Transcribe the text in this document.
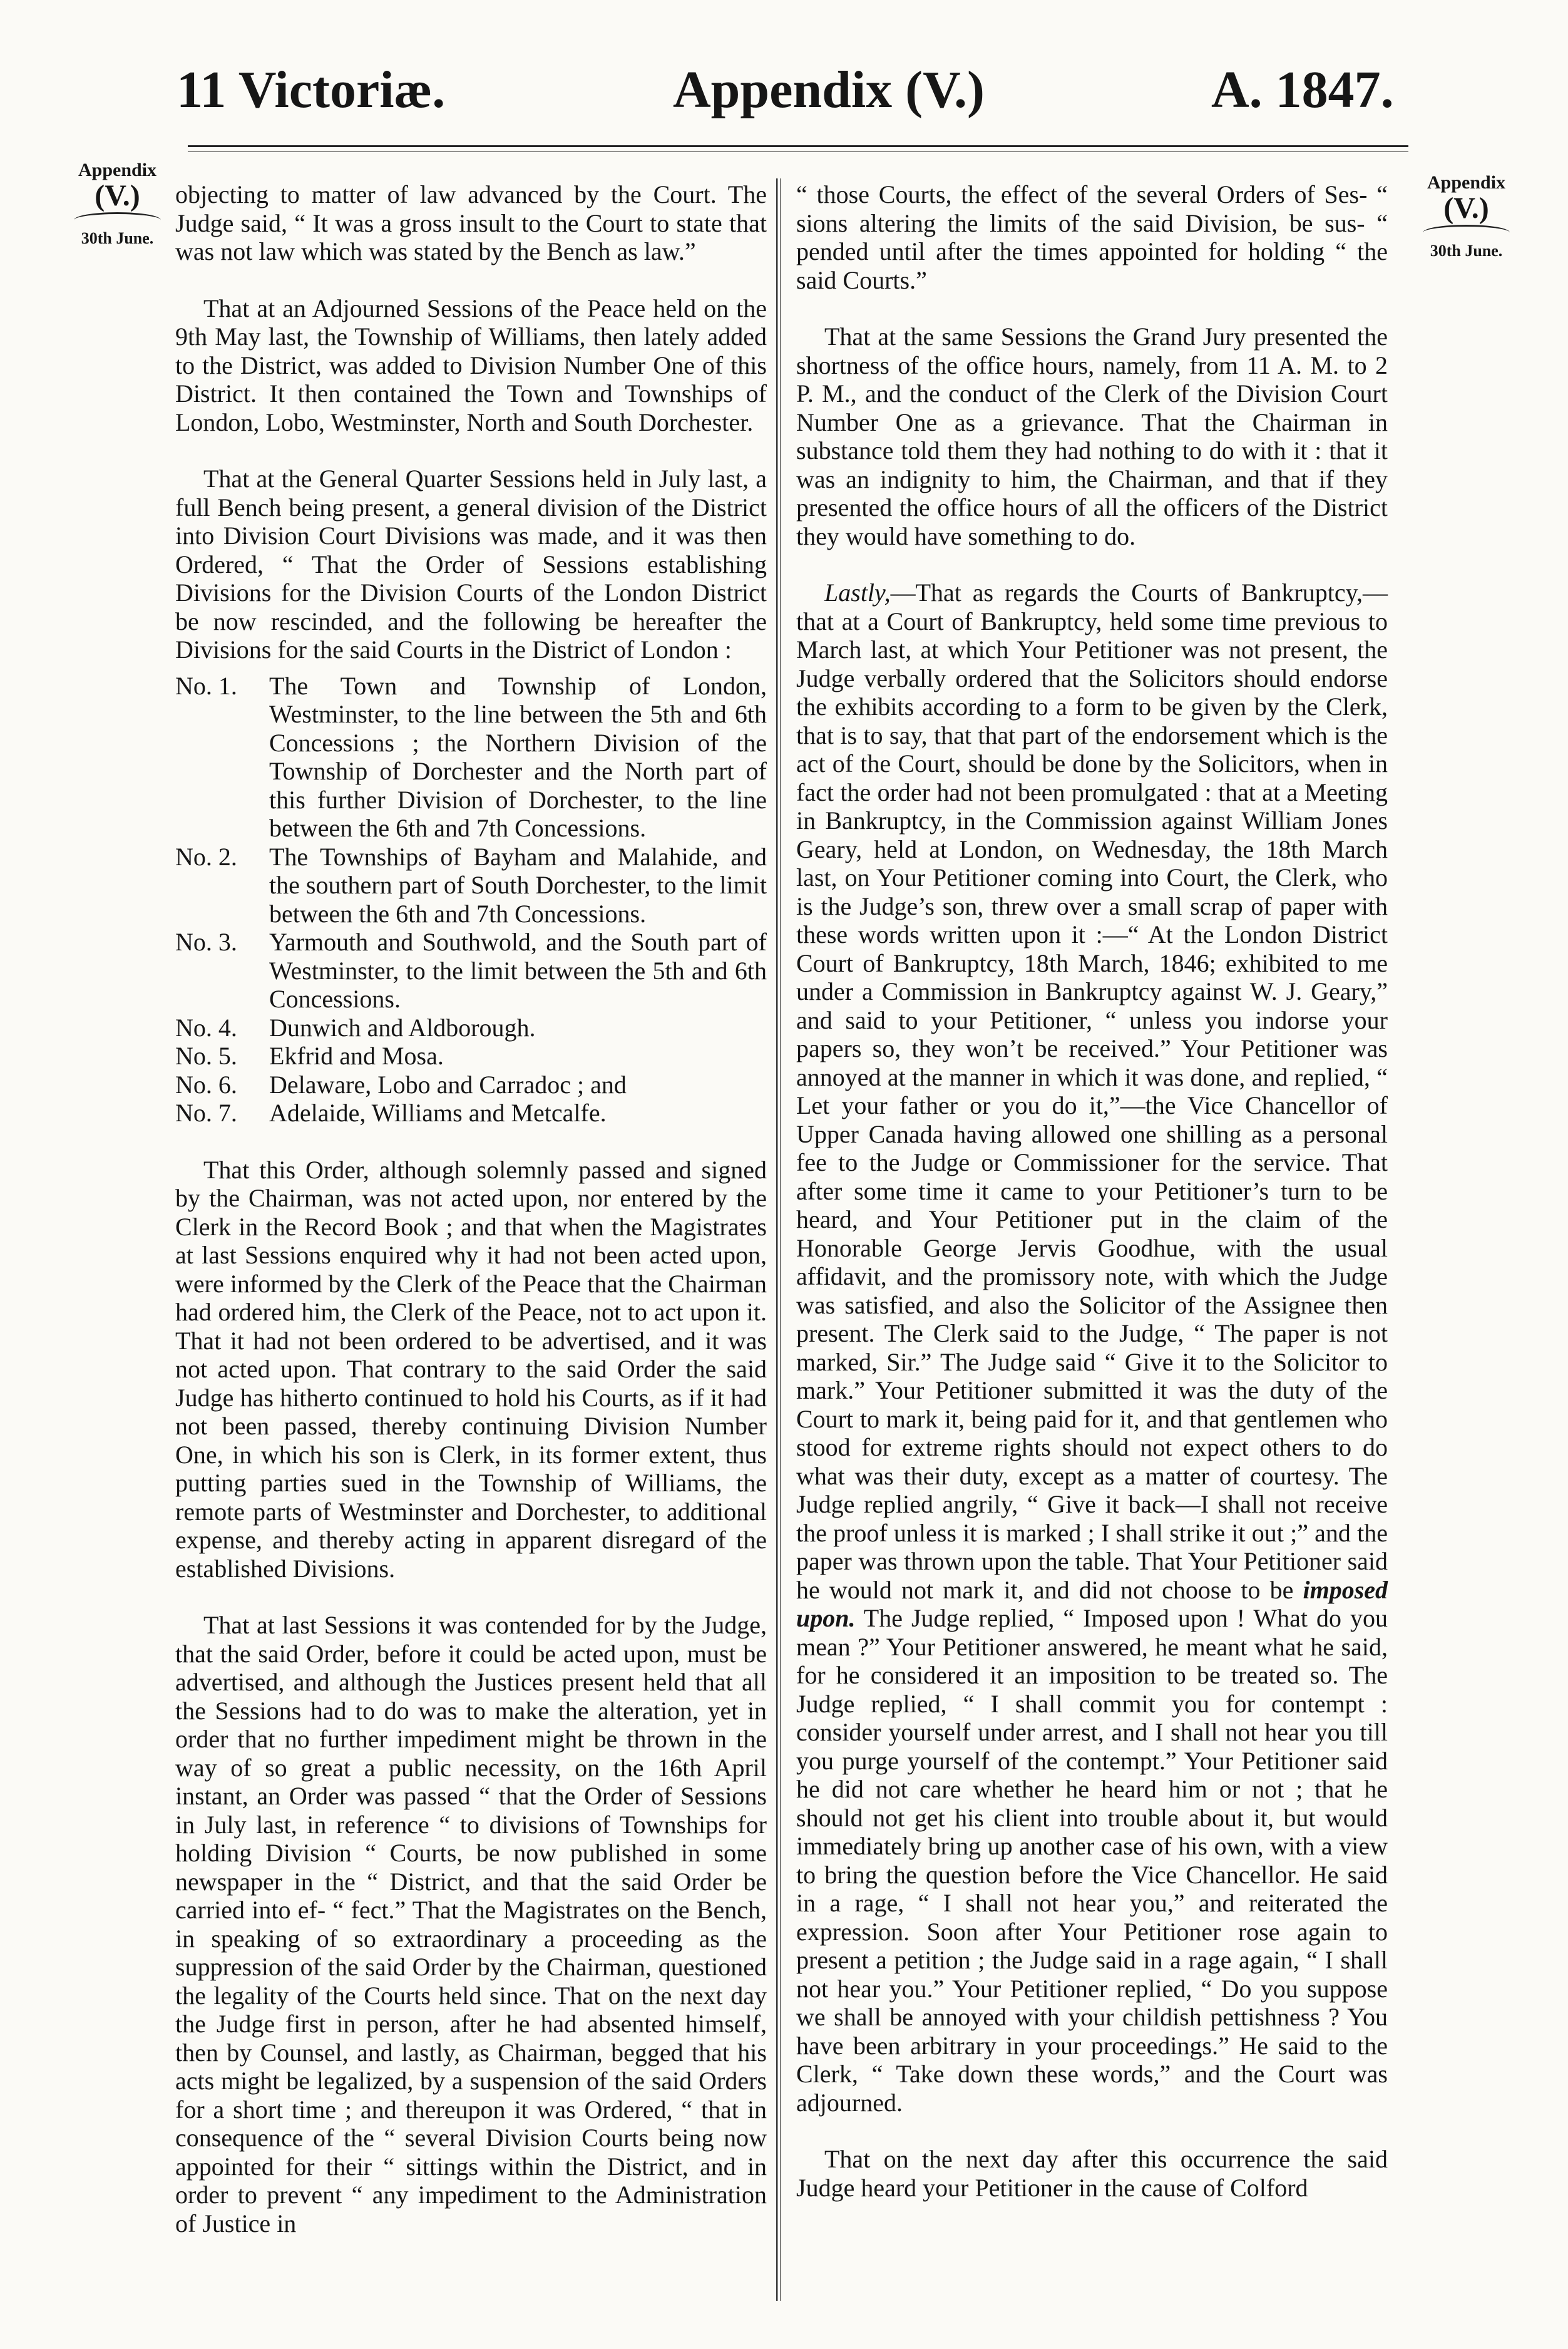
11 Victoriæ.	Appendix (V.)	A. 1847.
Appendix
(V.)
30th June.
Appendix
(V.)
30th June.

objecting to matter of law advanced by the Court. The Judge said, “ It was a gross insult to the Court to state that was not law which was stated by the Bench as law.”

That at an Adjourned Sessions of the Peace held on the 9th May last, the Township of Williams, then lately added to the District, was added to Division Number One of this District. It then contained the Town and Townships of London, Lobo, Westminster, North and South Dorchester.

That at the General Quarter Sessions held in July last, a full Bench being present, a general division of the District into Division Court Divisions was made, and it was then Ordered, “ That the Order of Sessions establishing Divisions for the Division Courts of the London District be now rescinded, and the following be hereafter the Divisions for the said Courts in the District of London :

No. 1.	The Town and Township of London, Westminster, to the line between the 5th and 6th Concessions ; the Northern Division of the Township of Dorchester and the North part of this further Division of Dorchester, to the line between the 6th and 7th Concessions.
No. 2.	The Townships of Bayham and Malahide, and the southern part of South Dorchester, to the limit between the 6th and 7th Concessions.
No. 3.	Yarmouth and Southwold, and the South part of Westminster, to the limit between the 5th and 6th Concessions.
No. 4.	Dunwich and Aldborough.
No. 5.	Ekfrid and Mosa.
No. 6.	Delaware, Lobo and Carradoc ; and
No. 7.	Adelaide, Williams and Metcalfe.

That this Order, although solemnly passed and signed by the Chairman, was not acted upon, nor entered by the Clerk in the Record Book ; and that when the Magistrates at last Sessions enquired why it had not been acted upon, were informed by the Clerk of the Peace that the Chairman had ordered him, the Clerk of the Peace, not to act upon it. That it had not been ordered to be advertised, and it was not acted upon. That contrary to the said Order the said Judge has hitherto continued to hold his Courts, as if it had not been passed, thereby continuing Division Number One, in which his son is Clerk, in its former extent, thus putting parties sued in the Township of Williams, the remote parts of Westminster and Dorchester, to additional expense, and thereby acting in apparent disregard of the established Divisions.

That at last Sessions it was contended for by the Judge, that the said Order, before it could be acted upon, must be advertised, and although the Justices present held that all the Sessions had to do was to make the alteration, yet in order that no further impediment might be thrown in the way of so great a public necessity, on the 16th April instant, an Order was passed “ that the Order of Sessions in July last, in reference “ to divisions of Townships for holding Division “ Courts, be now published in some newspaper in the “ District, and that the said Order be carried into ef- “ fect.” That the Magistrates on the Bench, in speaking of so extraordinary a proceeding as the suppression of the said Order by the Chairman, questioned the legality of the Courts held since. That on the next day the Judge first in person, after he had absented himself, then by Counsel, and lastly, as Chairman, begged that his acts might be legalized, by a suspension of the said Orders for a short time ; and thereupon it was Ordered, “ that in consequence of the “ several Division Courts being now appointed for their “ sittings within the District, and in order to prevent “ any impediment to the Administration of Justice in

“ those Courts, the effect of the several Orders of Ses- “ sions altering the limits of the said Division, be sus- “ pended until after the times appointed for holding “ the said Courts.”

That at the same Sessions the Grand Jury presented the shortness of the office hours, namely, from 11 A. M. to 2 P. M., and the conduct of the Clerk of the Division Court Number One as a grievance. That the Chairman in substance told them they had nothing to do with it : that it was an indignity to him, the Chairman, and that if they presented the office hours of all the officers of the District they would have something to do.

Lastly,—That as regards the Courts of Bankruptcy,—that at a Court of Bankruptcy, held some time previous to March last, at which Your Petitioner was not present, the Judge verbally ordered that the Solicitors should endorse the exhibits according to a form to be given by the Clerk, that is to say, that that part of the endorsement which is the act of the Court, should be done by the Solicitors, when in fact the order had not been promulgated : that at a Meeting in Bankruptcy, in the Commission against William Jones Geary, held at London, on Wednesday, the 18th March last, on Your Petitioner coming into Court, the Clerk, who is the Judge’s son, threw over a small scrap of paper with these words written upon it :—“ At the London District Court of Bankruptcy, 18th March, 1846; exhibited to me under a Commission in Bankruptcy against W. J. Geary,” and said to your Petitioner, “ unless you indorse your papers so, they won’t be received.” Your Petitioner was annoyed at the manner in which it was done, and replied, “ Let your father or you do it,”—the Vice Chancellor of Upper Canada having allowed one shilling as a personal fee to the Judge or Commissioner for the service. That after some time it came to your Petitioner’s turn to be heard, and Your Petitioner put in the claim of the Honorable George Jervis Goodhue, with the usual affidavit, and the promissory note, with which the Judge was satisfied, and also the Solicitor of the Assignee then present. The Clerk said to the Judge, “ The paper is not marked, Sir.” The Judge said “ Give it to the Solicitor to mark.” Your Petitioner submitted it was the duty of the Court to mark it, being paid for it, and that gentlemen who stood for extreme rights should not expect others to do what was their duty, except as a matter of courtesy. The Judge replied angrily, “ Give it back—I shall not receive the proof unless it is marked ; I shall strike it out ;” and the paper was thrown upon the table. That Your Petitioner said he would not mark it, and did not choose to be imposed upon. The Judge replied, “ Imposed upon ! What do you mean ?” Your Petitioner answered, he meant what he said, for he considered it an imposition to be treated so. The Judge replied, “ I shall commit you for contempt : consider yourself under arrest, and I shall not hear you till you purge yourself of the contempt.” Your Petitioner said he did not care whether he heard him or not ; that he should not get his client into trouble about it, but would immediately bring up another case of his own, with a view to bring the question before the Vice Chancellor. He said in a rage, “ I shall not hear you,” and reiterated the expression. Soon after Your Petitioner rose again to present a petition ; the Judge said in a rage again, “ I shall not hear you.” Your Petitioner replied, “ Do you suppose we shall be annoyed with your childish pettishness ? You have been arbitrary in your proceedings.” He said to the Clerk, “ Take down these words,” and the Court was adjourned.

That on the next day after this occurrence the said Judge heard your Petitioner in the cause of Colford
